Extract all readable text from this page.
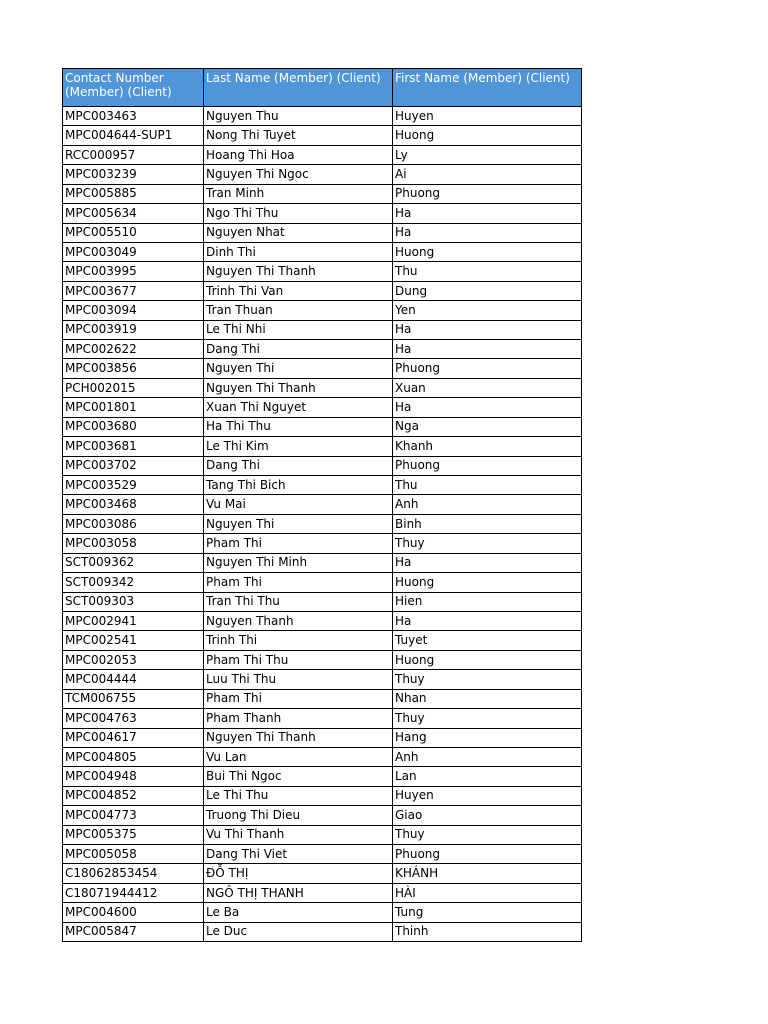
Contact Number (Member) (Client)	Last Name (Member) (Client)	First Name (Member) (Client)
MPC003463	Nguyen Thu	Huyen
MPC004644-SUP1	Nong Thi Tuyet	Huong
RCC000957	Hoang Thi Hoa	Ly
MPC003239	Nguyen Thi Ngoc	Ai
MPC005885	Tran Minh	Phuong
MPC005634	Ngo Thi Thu	Ha
MPC005510	Nguyen Nhat	Ha
MPC003049	Dinh Thi	Huong
MPC003995	Nguyen Thi Thanh	Thu
MPC003677	Trinh Thi Van	Dung
MPC003094	Tran Thuan	Yen
MPC003919	Le Thi Nhi	Ha
MPC002622	Dang Thi	Ha
MPC003856	Nguyen Thi	Phuong
PCH002015	Nguyen Thi Thanh	Xuan
MPC001801	Xuan Thi Nguyet	Ha
MPC003680	Ha Thi Thu	Nga
MPC003681	Le Thi Kim	Khanh
MPC003702	Dang Thi	Phuong
MPC003529	Tang Thi Bich	Thu
MPC003468	Vu Mai	Anh
MPC003086	Nguyen Thi	Binh
MPC003058	Pham Thi	Thuy
SCT009362	Nguyen Thi Minh	Ha
SCT009342	Pham Thi	Huong
SCT009303	Tran Thi Thu	Hien
MPC002941	Nguyen Thanh	Ha
MPC002541	Trinh Thi	Tuyet
MPC002053	Pham Thi Thu	Huong
MPC004444	Luu Thi Thu	Thuy
TCM006755	Pham Thi	Nhan
MPC004763	Pham Thanh	Thuy
MPC004617	Nguyen Thi Thanh	Hang
MPC004805	Vu Lan	Anh
MPC004948	Bui Thi Ngoc	Lan
MPC004852	Le Thi Thu	Huyen
MPC004773	Truong Thi Dieu	Giao
MPC005375	Vu Thi Thanh	Thuy
MPC005058	Dang Thi Viet	Phuong
C18062853454	ĐỖ THỊ	KHÁNH
C18071944412	NGÔ THỊ THANH	HÀI
MPC004600	Le Ba	Tung
MPC005847	Le Duc	Thinh
